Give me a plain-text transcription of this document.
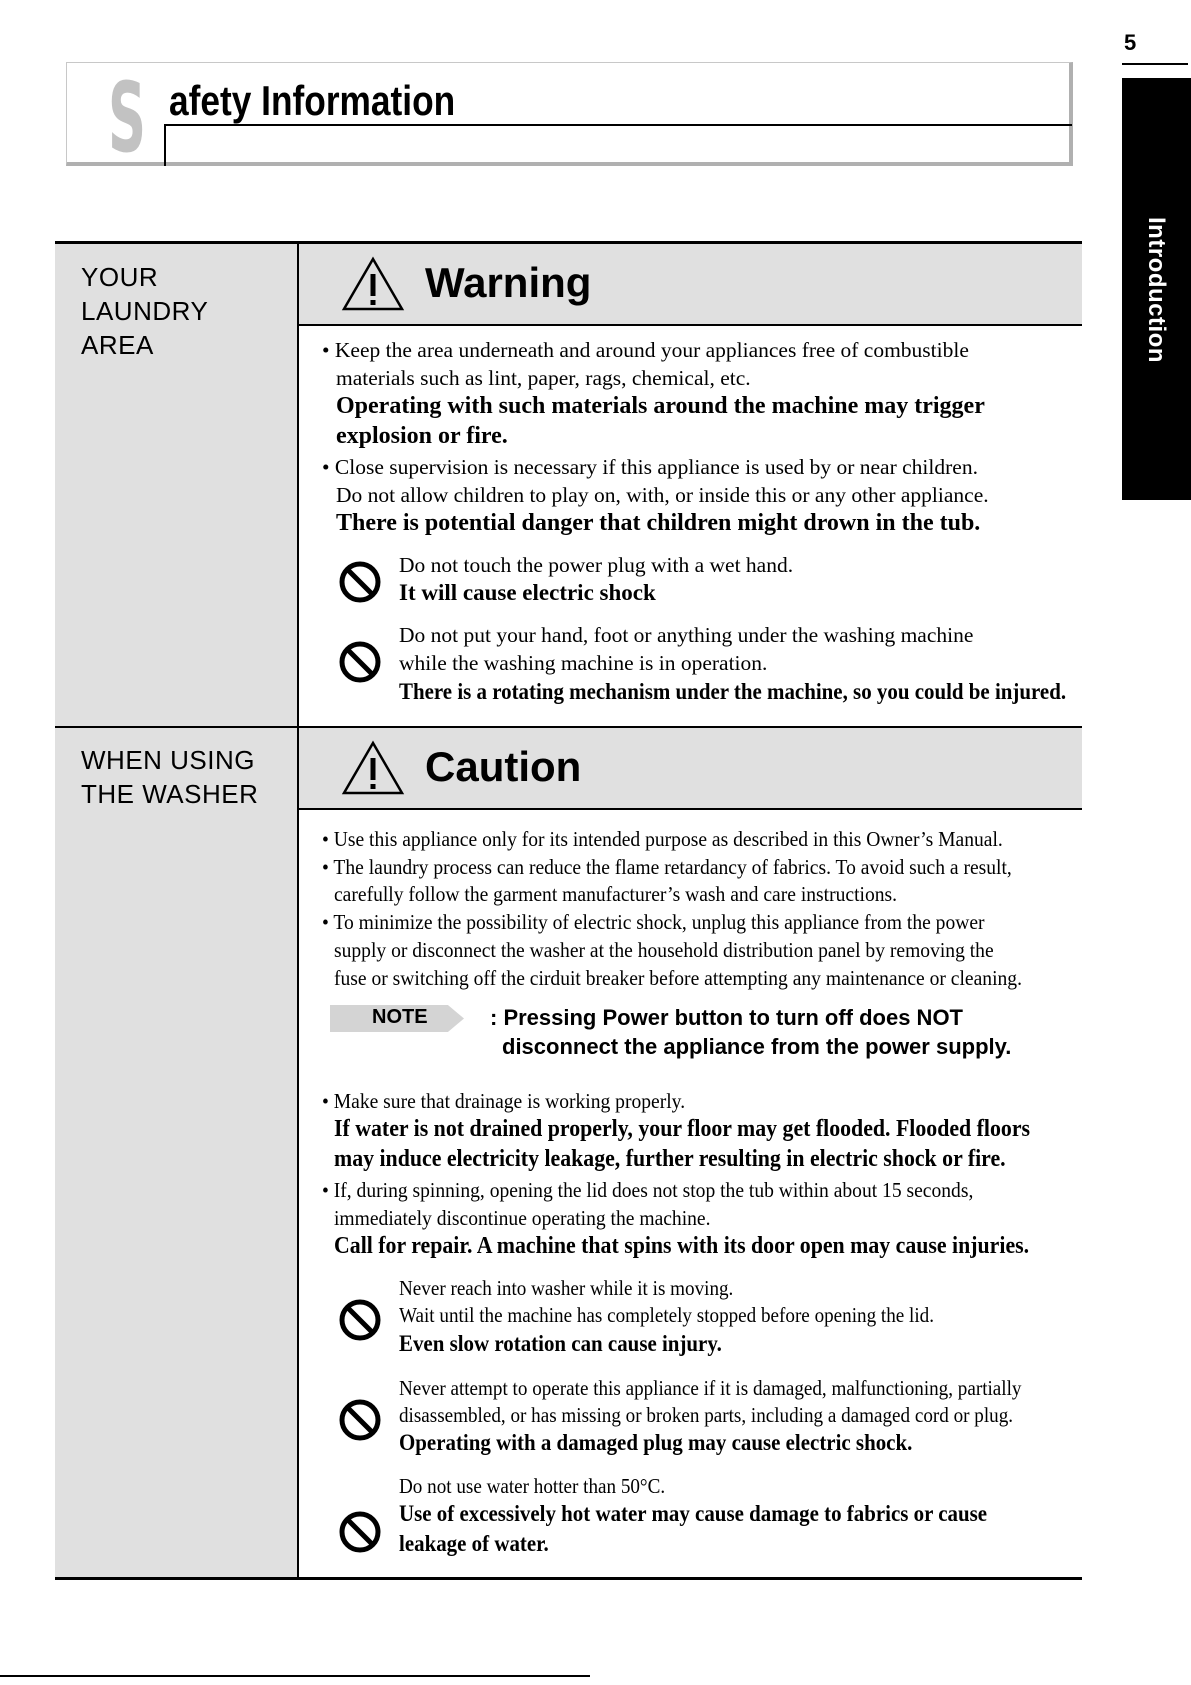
5
Introduction
S afety Information
YOUR
LAUNDRY
AREA
WHEN USING
THE WASHER
Warning
Caution
• Keep the area underneath and around your appliances free of combustible
materials such as lint, paper, rags, chemical, etc.
Operating with such materials around the machine may trigger
explosion or fire.
• Close supervision is necessary if this appliance is used by or near children.
Do not allow children to play on, with, or inside this or any other appliance.
There is potential danger that children might drown in the tub.
Do not touch the power plug with a wet hand.
It will cause electric shock
Do not put your hand, foot or anything under the washing machine
while the washing machine is in operation.
There is a rotating mechanism under the machine, so you could be injured.
• Use this appliance only for its intended purpose as described in this Owner’s Manual.
• The laundry process can reduce the flame retardancy of fabrics. To avoid such a result,
carefully follow the garment manufacturer’s wash and care instructions.
• To minimize the possibility of electric shock, unplug this appliance from the power
supply or disconnect the washer at the household distribution panel by removing the
fuse or switching off the cirduit breaker before attempting any maintenance or cleaning.
NOTE	: Pressing Power button to turn off does NOT
disconnect the appliance from the power supply.
• Make sure that drainage is working properly.
If water is not drained properly, your floor may get flooded. Flooded floors
may induce electricity leakage, further resulting in electric shock or fire.
• If, during spinning, opening the lid does not stop the tub within about 15 seconds,
immediately discontinue operating the machine.
Call for repair. A machine that spins with its door open may cause injuries.
Never reach into washer while it is moving.
Wait until the machine has completely stopped before opening the lid.
Even slow rotation can cause injury.
Never attempt to operate this appliance if it is damaged, malfunctioning, partially
disassembled, or has missing or broken parts, including a damaged cord or plug.
Operating with a damaged plug may cause electric shock.
Do not use water hotter than 50°C.
Use of excessively hot water may cause damage to fabrics or cause
leakage of water.
